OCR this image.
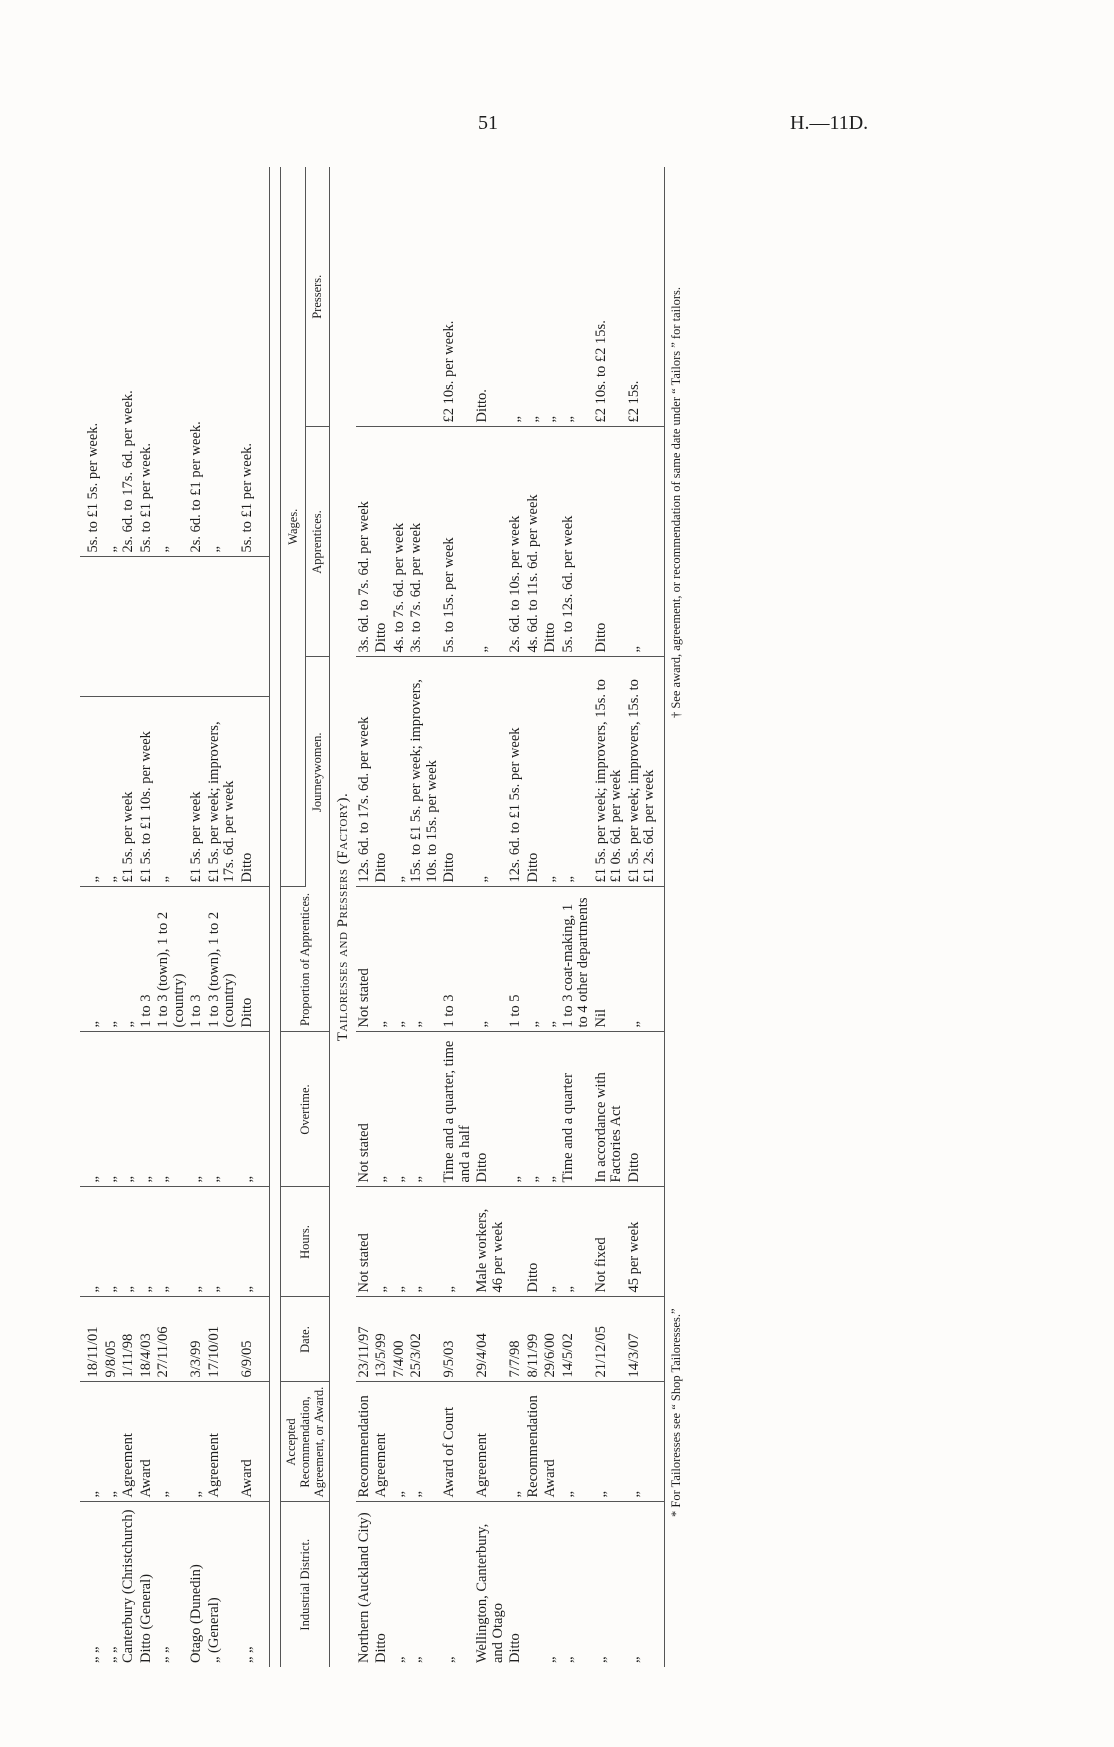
51	H.—11D.
„ „	„	18/11/01	„	„	„	„		5s. to £1 5s. per week.
„ „	„	9/8/05	„	„	„	„		„
Canterbury (Christchurch)	Agreement	1/11/98	„	„	„	£1 5s. per week		2s. 6d. to 17s. 6d. per week.
Ditto (General)	Award	18/4/03	„	„	1 to 3	£1 5s. to £1 10s. per week		5s. to £1 per week.
„ „	„	27/11/06	„	„	1 to 3 (town), 1 to 2 (country)	„		„
Otago (Dunedin)	„	3/3/99	„	„	1 to 3	£1 5s. per week		2s. 6d. to £1 per week.
„ (General)	Agreement	17/10/01	„	„	1 to 3 (town), 1 to 2 (country)	£1 5s. per week; improvers, 17s. 6d. per week		„
„ „	Award	6/9/05	„	„	Ditto	Ditto		5s. to £1 per week.
Industrial District.	Accepted Recommendation, Agreement, or Award.	Date.	Hours.	Overtime.	Proportion of Apprentices.	Wages.		
						Journeywomen.	Apprentices.	Pressers.
Tailoresses and Pressers (Factory).								
Northern (Auckland City)	Recommendation	23/11/97	Not stated	Not stated	Not stated	12s. 6d. to 17s. 6d. per week	3s. 6d. to 7s. 6d. per week	
Ditto	Agreement	13/5/99	„	„	„	Ditto	Ditto	
„	„	7/4/00	„	„	„	„	4s. to 7s. 6d. per week	
„	„	25/3/02	„	„	„	15s. to £1 5s. per week; improvers, 10s. to 15s. per week	3s. to 7s. 6d. per week	
„	Award of Court	9/5/03	„	Time and a quarter, time and a half	1 to 3	Ditto	5s. to 15s. per week	£2 10s. per week.
Wellington, Canterbury, and Otago	Agreement	29/4/04	Male workers, 46 per week	Ditto	„	„	„	Ditto.
Ditto	„	7/7/98		„	1 to 5	12s. 6d. to £1 5s. per week	2s. 6d. to 10s. per week	„
	Recommendation	8/11/99	Ditto	„	„	Ditto	4s. 6d. to 11s. 6d. per week	„
„	Award	29/6/00	„	„	„	„	Ditto	„
„	„	14/5/02	„	Time and a quarter	1 to 3 coat-making, 1 to 4 other departments	„	5s. to 12s. 6d. per week	„
„	„	21/12/05	Not fixed	In accordance with Factories Act	Nil	£1 5s. per week; improvers, 15s. to £1 0s. 6d. per week	Ditto	£2 10s. to £2 15s.
„	„	14/3/07	45 per week	Ditto	„	£1 5s. per week; improvers, 15s. to £1 2s. 6d. per week	„	£2 15s.
* For Tailoresses see “ Shop Tailoresses.”
† See award, agreement, or recommendation of same date under “ Tailors ” for tailors.
